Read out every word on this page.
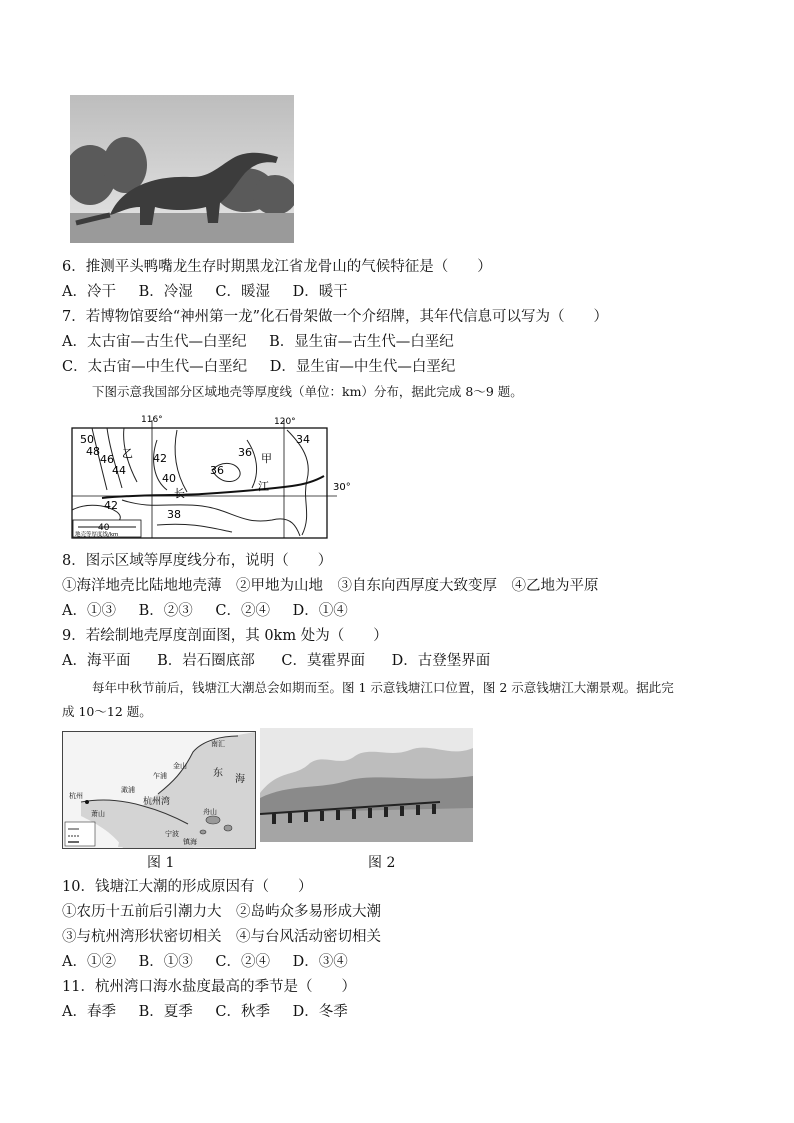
6．推测平头鸭嘴龙生存时期黑龙江省龙骨山的气候特征是（　　）
A．冷干 B．冷湿 C．暖湿 D．暖干
7．若博物馆要给“神州第一龙”化石骨架做一个介绍牌，其年代信息可以写为（　　）
A．太古宙—古生代—白垩纪 B．显生宙—古生代—白垩纪
C．太古宙—中生代—白垩纪 D．显生宙—中生代—白垩纪
下图示意我国部分区域地壳等厚度线（单位：km）分布，据此完成 8～9 题。
116°	120°
30°
50
48
46
44
42
40
36
36
34
42
38
乙	甲
长
江
40
地壳等厚度线/km
8．图示区域等厚度线分布，说明（　　）
①海洋地壳比陆地地壳薄　②甲地为山地　③自东向西厚度大致变厚　④乙地为平原
A．①③ B．②③ C．②④ D．①④
9．若绘制地壳厚度剖面图，其 0km 处为（　　）
A．海平面 B．岩石圈底部 C．莫霍界面 D．古登堡界面
每年中秋节前后，钱塘江大潮总会如期而至。图 1 示意钱塘江口位置，图 2 示意钱塘江大潮景观。据此完
成 10～12 题。
南汇
金山
乍浦
澉浦
杭州
萧山
东
海
杭州湾
舟山
宁波
镇海
图 1	图 2
10．钱塘江大潮的形成原因有（　　）
①农历十五前后引潮力大　②岛屿众多易形成大潮
③与杭州湾形状密切相关　④与台风活动密切相关
A．①② B．①③ C．②④ D．③④
11．杭州湾口海水盐度最高的季节是（　　）
A．春季 B．夏季 C．秋季 D．冬季
